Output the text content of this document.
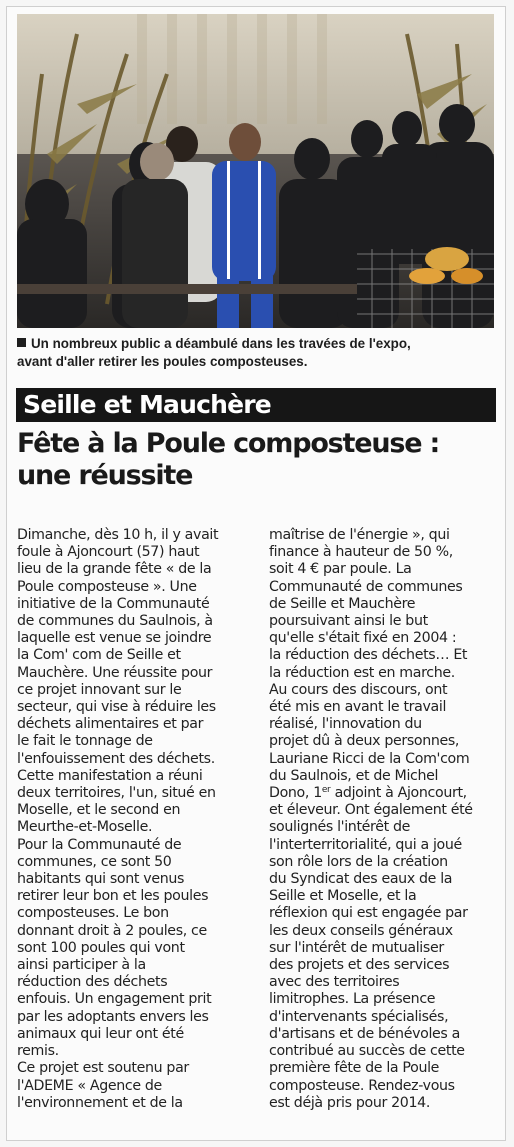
Un nombreux public a déambulé dans les travées de l'expo,
avant d'aller retirer les poules composteuses.
Seille et Mauchère
Fête à la Poule composteuse :
une réussite
Dimanche, dès 10 h, il y avait
foule à Ajoncourt (57) haut
lieu de la grande fête « de la
Poule composteuse ». Une
initiative de la Communauté
de communes du Saulnois, à
laquelle est venue se joindre
la Com' com de Seille et
Mauchère. Une réussite pour
ce projet innovant sur le
secteur, qui vise à réduire les
déchets alimentaires et par
le fait le tonnage de
l'enfouissement des déchets.
Cette manifestation a réuni
deux territoires, l'un, situé en
Moselle, et le second en
Meurthe-et-Moselle.
Pour la Communauté de
communes, ce sont 50
habitants qui sont venus
retirer leur bon et les poules
composteuses. Le bon
donnant droit à 2 poules, ce
sont 100 poules qui vont
ainsi participer à la
réduction des déchets
enfouis. Un engagement prit
par les adoptants envers les
animaux qui leur ont été
remis.
Ce projet est soutenu par
l'ADEME « Agence de
l'environnement et de la
maîtrise de l'énergie », qui
finance à hauteur de 50 %,
soit 4 € par poule. La
Communauté de communes
de Seille et Mauchère
poursuivant ainsi le but
qu'elle s'était fixé en 2004 :
la réduction des déchets… Et
la réduction est en marche.
Au cours des discours, ont
été mis en avant le travail
réalisé, l'innovation du
projet dû à deux personnes,
Lauriane Ricci de la Com'com
du Saulnois, et de Michel
Dono, 1er adjoint à Ajoncourt,
et éleveur. Ont également été
soulignés l'intérêt de
l'interterritorialité, qui a joué
son rôle lors de la création
du Syndicat des eaux de la
Seille et Moselle, et la
réflexion qui est engagée par
les deux conseils généraux
sur l'intérêt de mutualiser
des projets et des services
avec des territoires
limitrophes. La présence
d'intervenants spécialisés,
d'artisans et de bénévoles a
contribué au succès de cette
première fête de la Poule
composteuse. Rendez-vous
est déjà pris pour 2014.
